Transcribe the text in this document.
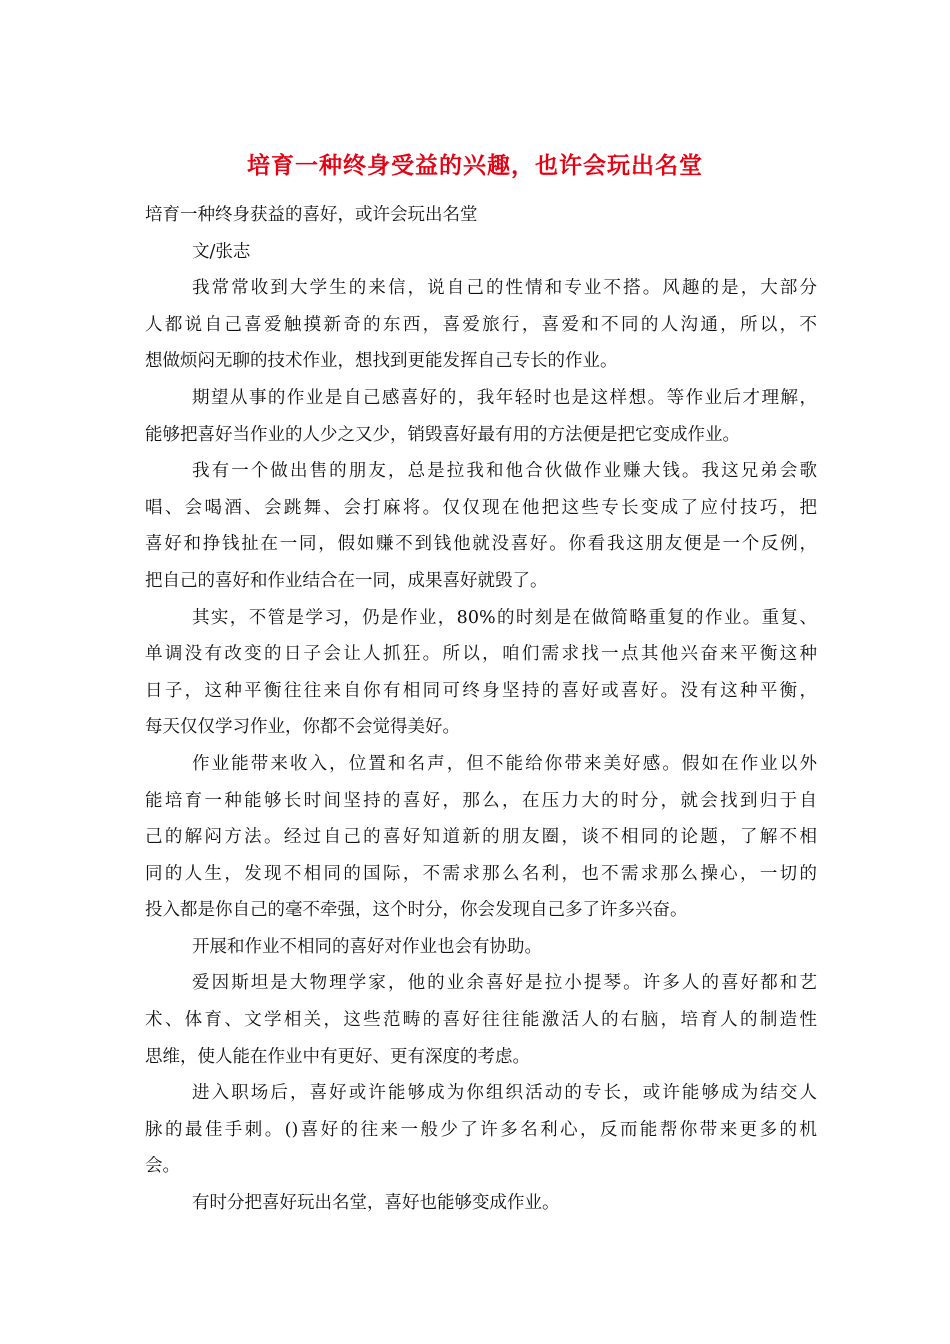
培育一种终身受益的兴趣，也许会玩出名堂

培育一种终身获益的喜好，或许会玩出名堂

文/张志

我常常收到大学生的来信，说自己的性情和专业不搭。风趣的是，大部分

人都说自己喜爱触摸新奇的东西，喜爱旅行，喜爱和不同的人沟通，所以，不

想做烦闷无聊的技术作业，想找到更能发挥自己专长的作业。

期望从事的作业是自己感喜好的，我年轻时也是这样想。等作业后才理解，

能够把喜好当作业的人少之又少，销毁喜好最有用的方法便是把它变成作业。

我有一个做出售的朋友，总是拉我和他合伙做作业赚大钱。我这兄弟会歌

唱、会喝酒、会跳舞、会打麻将。仅仅现在他把这些专长变成了应付技巧，把

喜好和挣钱扯在一同，假如赚不到钱他就没喜好。你看我这朋友便是一个反例，

把自己的喜好和作业结合在一同，成果喜好就毁了。

其实，不管是学习，仍是作业，80%的时刻是在做简略重复的作业。重复、

单调没有改变的日子会让人抓狂。所以，咱们需求找一点其他兴奋来平衡这种

日子，这种平衡往往来自你有相同可终身坚持的喜好或喜好。没有这种平衡，

每天仅仅学习作业，你都不会觉得美好。

作业能带来收入，位置和名声，但不能给你带来美好感。假如在作业以外

能培育一种能够长时间坚持的喜好，那么，在压力大的时分，就会找到归于自

己的解闷方法。经过自己的喜好知道新的朋友圈，谈不相同的论题，了解不相

同的人生，发现不相同的国际，不需求那么名利，也不需求那么操心，一切的

投入都是你自己的毫不牵强，这个时分，你会发现自己多了许多兴奋。

开展和作业不相同的喜好对作业也会有协助。

爱因斯坦是大物理学家，他的业余喜好是拉小提琴。许多人的喜好都和艺

术、体育、文学相关，这些范畴的喜好往往能激活人的右脑，培育人的制造性

思维，使人能在作业中有更好、更有深度的考虑。

进入职场后，喜好或许能够成为你组织活动的专长，或许能够成为结交人

脉的最佳手刺。()喜好的往来一般少了许多名利心，反而能帮你带来更多的机

会。

有时分把喜好玩出名堂，喜好也能够变成作业。
